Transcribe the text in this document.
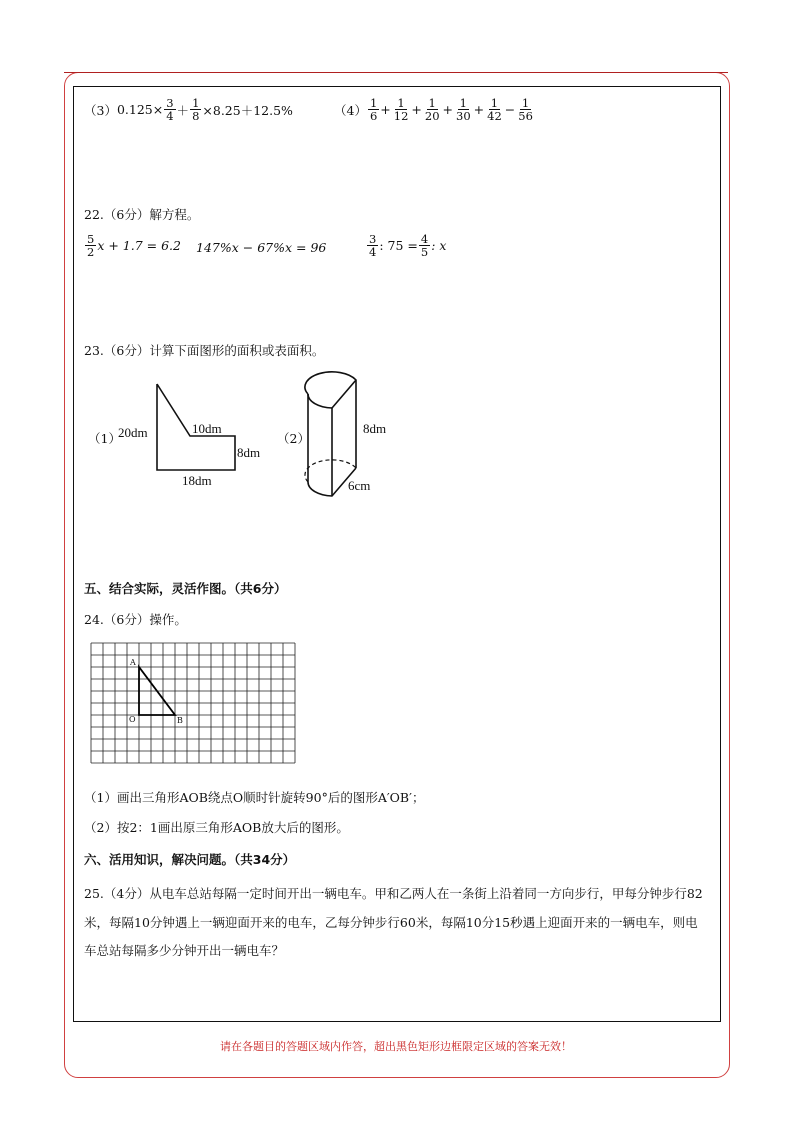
（3） $0.125\times \frac{3}{4} + \frac{1}{8} \times 8.25+12.5\%$	$(4) \frac{1}{6} + \frac{1}{12} + \frac{1}{20} + \frac{1}{30} + \frac{1}{42} - \frac{1}{56}$
22.（6分）解方程。
$\frac{5}{2}$ x + 1.7 = 6.2 147%x − 67%x = 96	$\frac{3}{4}$ : $75 = \frac{4}{5}$ : x
23.（6分）计算下面图形的面积或表面积。
（1）
20dm	10dm
8dm
18dm
（2）
8dm
6cm
五、结合实际，灵活作图。（共6分）
24.（6分）操作。
A
O	B
（1）画出三角形AOB绕点O顺时针旋转90°后的图形A′OB′；
（2）按2：1画出原三角形AOB放大后的图形。
六、活用知识，解决问题。（共34分）
25.（4分）从电车总站每隔一定时间开出一辆电车。甲和乙两人在一条街上沿着同一方向步行，甲每分钟步行82米，每隔10分钟遇上一辆迎面开来的电车，乙每分钟步行60米，每隔10分15秒遇上迎面开来的一辆电车，则电车总站每隔多少分钟开出一辆电车？
请在各题目的答题区域内作答，超出黑色矩形边框限定区域的答案无效！
